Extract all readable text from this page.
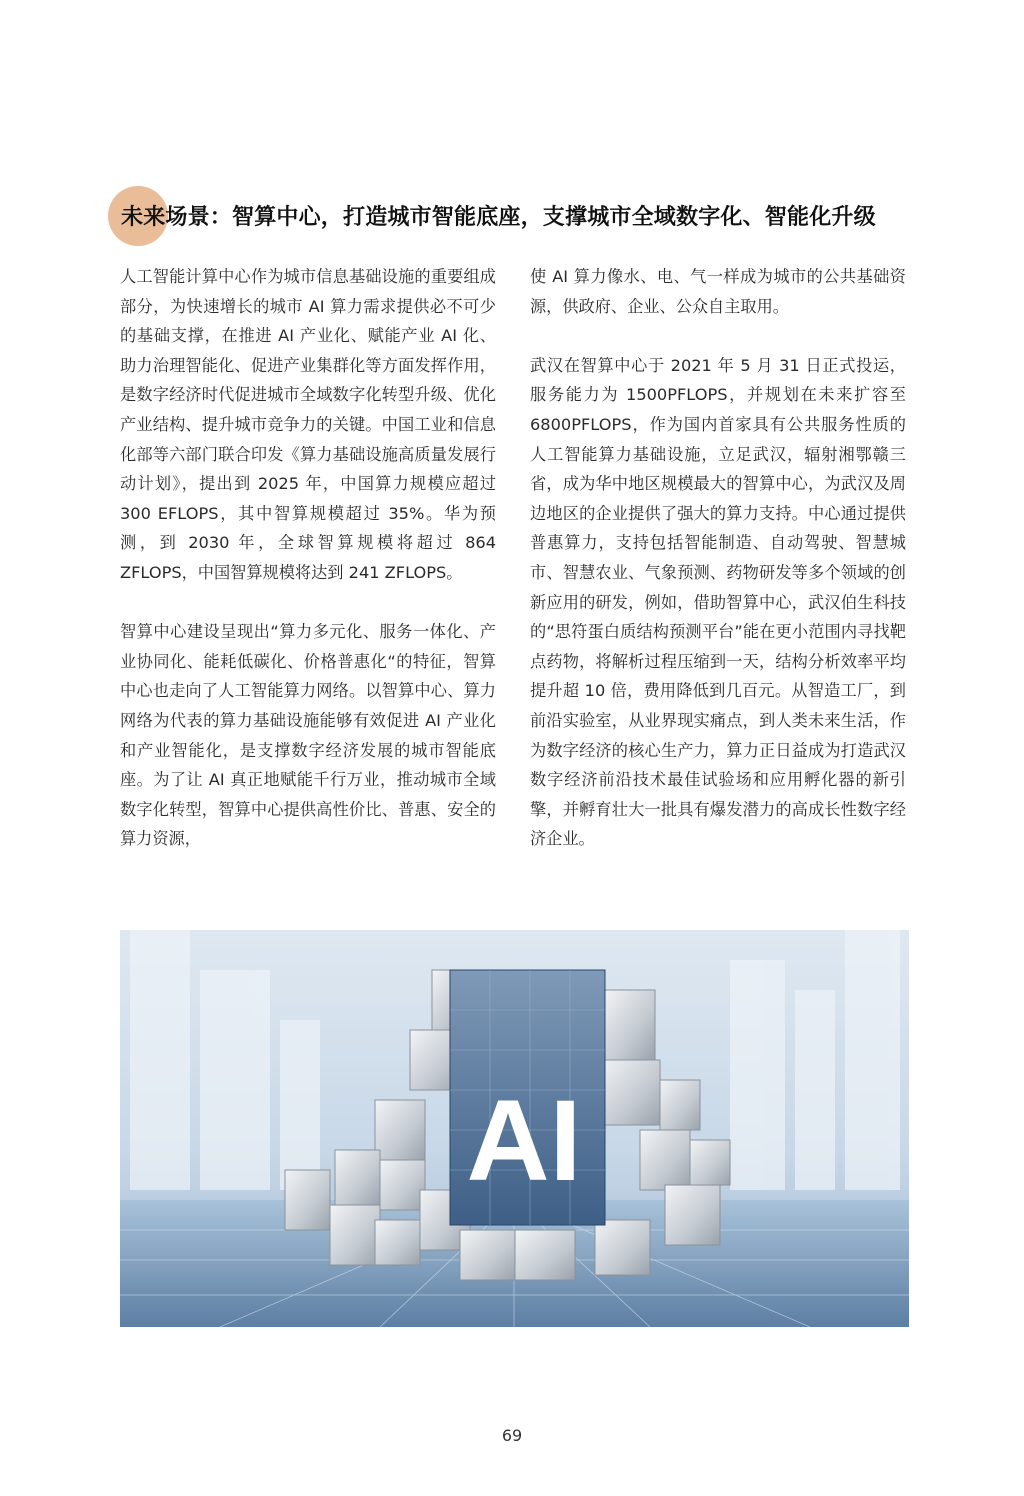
未来场景：智算中心，打造城市智能底座，支撑城市全域数字化、智能化升级

人工智能计算中心作为城市信息基础设施的重要组成部分，为快速增长的城市 AI 算力需求提供必不可少的基础支撑，在推进 AI 产业化、赋能产业 AI 化、助力治理智能化、促进产业集群化等方面发挥作用，是数字经济时代促进城市全域数字化转型升级、优化产业结构、提升城市竞争力的关键。中国工业和信息化部等六部门联合印发《算力基础设施高质量发展行动计划》，提出到 2025 年，中国算力规模应超过 300 EFLOPS，其中智算规模超过 35%。华为预测，到 2030 年，全球智算规模将超过 864 ZFLOPS，中国智算规模将达到 241 ZFLOPS。

智算中心建设呈现出“算力多元化、服务一体化、产业协同化、能耗低碳化、价格普惠化“的特征，智算中心也走向了人工智能算力网络。以智算中心、算力网络为代表的算力基础设施能够有效促进 AI 产业化和产业智能化，是支撑数字经济发展的城市智能底座。为了让 AI 真正地赋能千行万业，推动城市全域数字化转型，智算中心提供高性价比、普惠、安全的算力资源，

使 AI 算力像水、电、气一样成为城市的公共基础资源，供政府、企业、公众自主取用。

武汉在智算中心于 2021 年 5 月 31 日正式投运，服务能力为 1500PFLOPS，并规划在未来扩容至 6800PFLOPS，作为国内首家具有公共服务性质的人工智能算力基础设施，立足武汉，辐射湘鄂赣三省，成为华中地区规模最大的智算中心，为武汉及周边地区的企业提供了强大的算力支持。中心通过提供普惠算力，支持包括智能制造、自动驾驶、智慧城市、智慧农业、气象预测、药物研发等多个领域的创新应用的研发，例如，借助智算中心，武汉伯生科技的“思符蛋白质结构预测平台”能在更小范围内寻找靶点药物，将解析过程压缩到一天，结构分析效率平均提升超 10 倍，费用降低到几百元。从智造工厂，到前沿实验室，从业界现实痛点，到人类未来生活，作为数字经济的核心生产力，算力正日益成为打造武汉数字经济前沿技术最佳试验场和应用孵化器的新引擎，并孵育壮大一批具有爆发潜力的高成长性数字经济企业。

AI
69
